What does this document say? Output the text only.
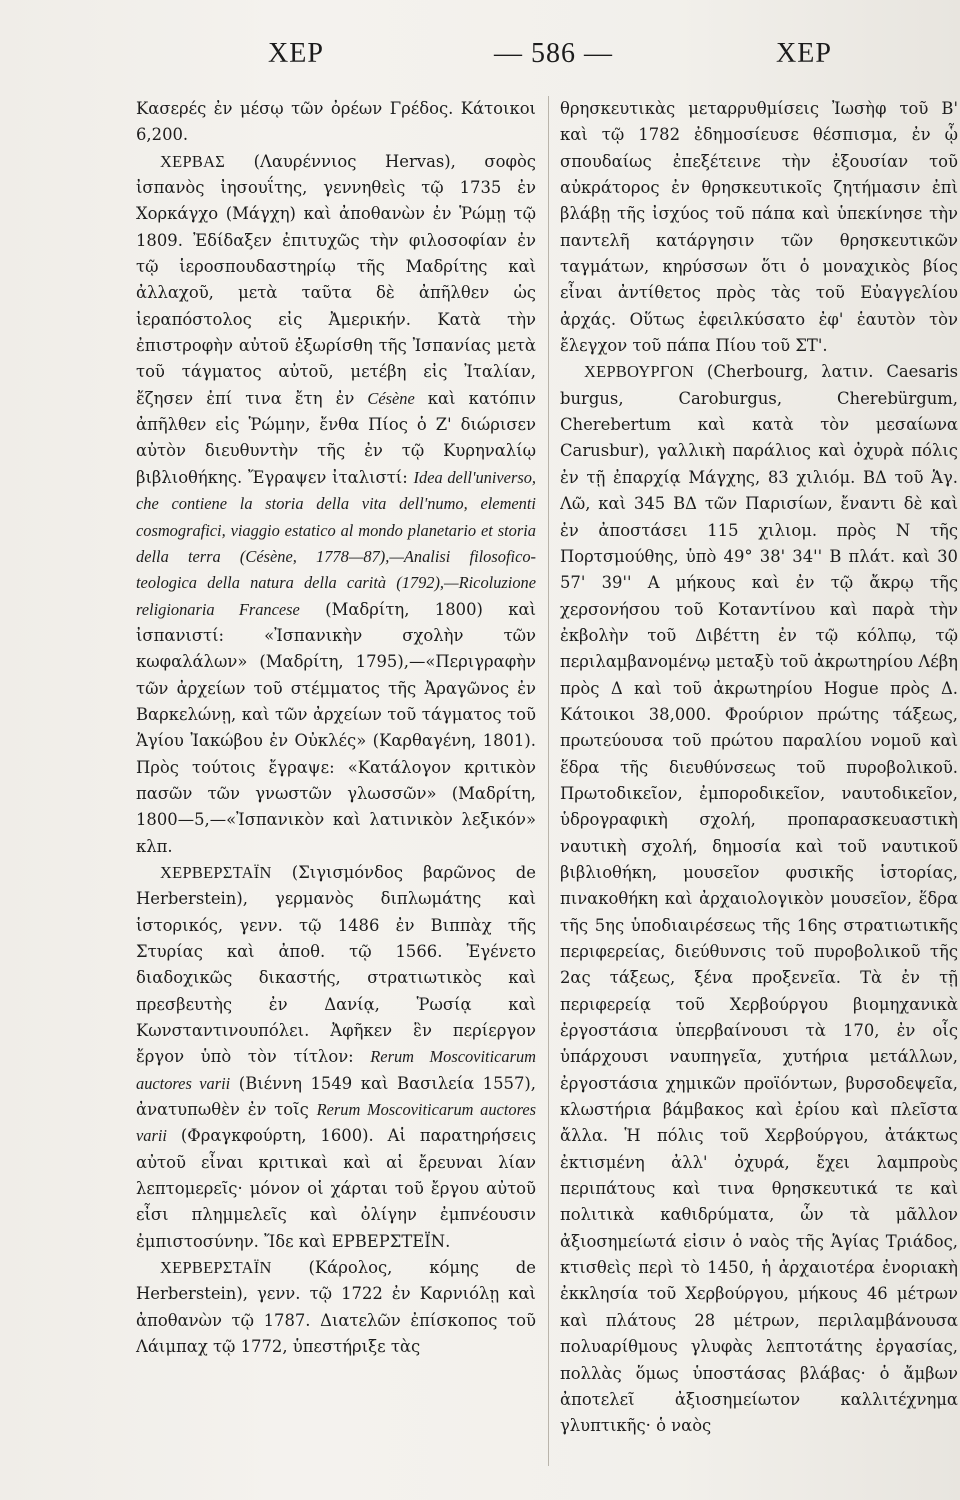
ΧΕΡ	— 586 —	ΧΕΡ

Κασερές ἐν μέσῳ τῶν ὀρέων Γρέδος. Κάτοικοι 6,200.

ΧΕΡΒΑΣ (Λαυρέννιος Hervas), σοφὸς ἰσπανὸς ἰησουΐτης, γεννηθεὶς τῷ 1735 ἐν Χορκάγχο (Μάγχη) καὶ ἀποθανὼν ἐν Ῥώμῃ τῷ 1809. Ἐδίδαξεν ἐπιτυχῶς τὴν φιλοσοφίαν ἐν τῷ ἱεροσπουδαστηρίῳ τῆς Μαδρίτης καὶ ἀλλαχοῦ, μετὰ ταῦτα δὲ ἀπῆλθεν ὡς ἱεραπόστολος εἰς Ἀμερικήν. Κατὰ τὴν ἐπιστροφὴν αὐτοῦ ἐξωρίσθη τῆς Ἰσπανίας μετὰ τοῦ τάγματος αὐτοῦ, μετέβη εἰς Ἰταλίαν, ἔζησεν ἐπί τινα ἔτη ἐν Césène καὶ κατόπιν ἀπῆλθεν εἰς Ῥώμην, ἔνθα Πίος ὁ Ζ' διώρισεν αὐτὸν διευθυντὴν τῆς ἐν τῷ Κυρηναλίῳ βιβλιοθήκης. Ἔγραψεν ἰταλιστί: Idea dell'universo, che contiene la storia della vita dell'numo, elementi cosmografici, viaggio estatico al mondo planetario et storia della terra (Césène, 1778—87),—Analisi filosofico-teologica della natura della carità (1792),—Ricoluzione religionaria Francese (Μαδρίτη, 1800) καὶ ἰσπανιστί: «Ἰσπανικὴν σχολὴν τῶν κωφαλάλων» (Μαδρίτη, 1795),—«Περιγραφὴν τῶν ἀρχείων τοῦ στέμματος τῆς Ἀραγῶνος ἐν Βαρκελώνῃ, καὶ τῶν ἀρχείων τοῦ τάγματος τοῦ Ἁγίου Ἰακώβου ἐν Οὐκλές» (Καρθαγένη, 1801). Πρὸς τούτοις ἔγραψε: «Κατάλογον κριτικὸν πασῶν τῶν γνωστῶν γλωσσῶν» (Μαδρίτη, 1800—5,—«Ἰσπανικὸν καὶ λατινικὸν λεξικόν» κλπ.

ΧΕΡΒΕΡΣΤΑΪΝ (Σιγισμόνδος βαρῶνος de Herberstein), γερμανὸς διπλωμάτης καὶ ἱστορικός, γενν. τῷ 1486 ἐν Βιππὰχ τῆς Στυρίας καὶ ἀποθ. τῷ 1566. Ἐγένετο διαδοχικῶς δικαστής, στρατιωτικὸς καὶ πρεσβευτὴς ἐν Δανίᾳ, Ῥωσίᾳ καὶ Κωνσταντινουπόλει. Ἀφῆκεν ἓν περίεργον ἔργον ὑπὸ τὸν τίτλον: Rerum Moscoviticarum auctores varii (Βιέννη 1549 καὶ Βασιλεία 1557), ἀνατυπωθὲν ἐν τοῖς Rerum Moscoviticarum auctores varii (Φραγκφούρτη, 1600). Αἱ παρατηρήσεις αὐτοῦ εἶναι κριτικαὶ καὶ αἱ ἔρευναι λίαν λεπτομερεῖς· μόνον οἱ χάρται τοῦ ἔργου αὐτοῦ εἶσι πλημμελεῖς καὶ ὀλίγην ἐμπνέουσιν ἐμπιστοσύνην. Ἴδε καὶ ΕΡΒΕΡΣΤΕΪΝ.

ΧΕΡΒΕΡΣΤΑΪΝ (Κάρολος, κόμης de Herberstein), γενν. τῷ 1722 ἐν Καρνιόλῃ καὶ ἀποθανὼν τῷ 1787. Διατελῶν ἐπίσκοπος τοῦ Λάιμπαχ τῷ 1772, ὑπεστήριξε τὰς

θρησκευτικὰς μεταρρυθμίσεις Ἰωσὴφ τοῦ Β' καὶ τῷ 1782 ἐδημοσίευσε θέσπισμα, ἐν ᾧ σπουδαίως ἐπεξέτεινε τὴν ἐξουσίαν τοῦ αὐκράτορος ἐν θρησκευτικοῖς ζητήμασιν ἐπὶ βλάβῃ τῆς ἰσχύος τοῦ πάπα καὶ ὑπεκίνησε τὴν παντελῆ κατάργησιν τῶν θρησκευτικῶν ταγμάτων, κηρύσσων ὅτι ὁ μοναχικὸς βίος εἶναι ἀντίθετος πρὸς τὰς τοῦ Εὐαγγελίου ἀρχάς. Οὕτως ἐφειλκύσατο ἐφ' ἑαυτὸν τὸν ἔλεγχον τοῦ πάπα Πίου τοῦ ΣΤ'.

ΧΕΡΒΟΥΡΓΟΝ (Cherbourg, λατιν. Caesaris burgus, Caroburgus, Cherebürgum, Cherebertum καὶ κατὰ τὸν μεσαίωνα Carusbur), γαλλικὴ παράλιος καὶ ὀχυρὰ πόλις ἐν τῇ ἐπαρχίᾳ Μάγχης, 83 χιλιόμ. ΒΔ τοῦ Ἁγ. Λῶ, καὶ 345 ΒΔ τῶν Παρισίων, ἔναντι δὲ καὶ ἐν ἀποστάσει 115 χιλιομ. πρὸς Ν τῆς Πορτσμούθης, ὑπὸ 49° 38' 34'' Β πλάτ. καὶ 30 57' 39'' Α μήκους καὶ ἐν τῷ ἄκρῳ τῆς χερσονήσου τοῦ Κοταντίνου καὶ παρὰ τὴν ἐκβολὴν τοῦ Διβέττη ἐν τῷ κόλπῳ, τῷ περιλαμβανομένῳ μεταξὺ τοῦ ἀκρωτηρίου Λέβη πρὸς Δ καὶ τοῦ ἀκρωτηρίου Hogue πρὸς Δ. Κάτοικοι 38,000. Φρούριον πρώτης τάξεως, πρωτεύουσα τοῦ πρώτου παραλίου νομοῦ καὶ ἕδρα τῆς διευθύνσεως τοῦ πυροβολικοῦ. Πρωτοδικεῖον, ἐμποροδικεῖον, ναυτοδικεῖον, ὑδρογραφικὴ σχολή, προπαρασκευαστικὴ ναυτικὴ σχολή, δημοσία καὶ τοῦ ναυτικοῦ βιβλιοθήκη, μουσεῖον φυσικῆς ἱστορίας, πινακοθήκη καὶ ἀρχαιολογικὸν μουσεῖον, ἕδρα τῆς 5ης ὑποδιαιρέσεως τῆς 16ης στρατιωτικῆς περιφερείας, διεύθυνσις τοῦ πυροβολικοῦ τῆς 2ας τάξεως, ξένα προξενεῖα. Τὰ ἐν τῇ περιφερείᾳ τοῦ Χερβούργου βιομηχανικὰ ἐργοστάσια ὑπερβαίνουσι τὰ 170, ἐν οἷς ὑπάρχουσι ναυπηγεῖα, χυτήρια μετάλλων, ἐργοστάσια χημικῶν προϊόντων, βυρσοδεψεῖα, κλωστήρια βάμβακος καὶ ἐρίου καὶ πλεῖστα ἄλλα. Ἡ πόλις τοῦ Χερβούργου, ἀτάκτως ἐκτισμένη ἀλλ' ὀχυρά, ἔχει λαμπροὺς περιπάτους καὶ τινα θρησκευτικά τε καὶ πολιτικὰ καθιδρύματα, ὧν τὰ μᾶλλον ἀξιοσημείωτά εἰσιν ὁ ναὸς τῆς Ἁγίας Τριάδος, κτισθεὶς περὶ τὸ 1450, ἡ ἀρχαιοτέρα ἐνοριακὴ ἐκκλησία τοῦ Χερβούργου, μήκους 46 μέτρων καὶ πλάτους 28 μέτρων, περιλαμβάνουσα πολυαρίθμους γλυφὰς λεπτοτάτης ἐργασίας, πολλὰς ὅμως ὑποστάσας βλάβας· ὁ ἄμβων ἀποτελεῖ ἀξιοσημείωτον καλλιτέχνημα γλυπτικῆς· ὁ ναὸς
